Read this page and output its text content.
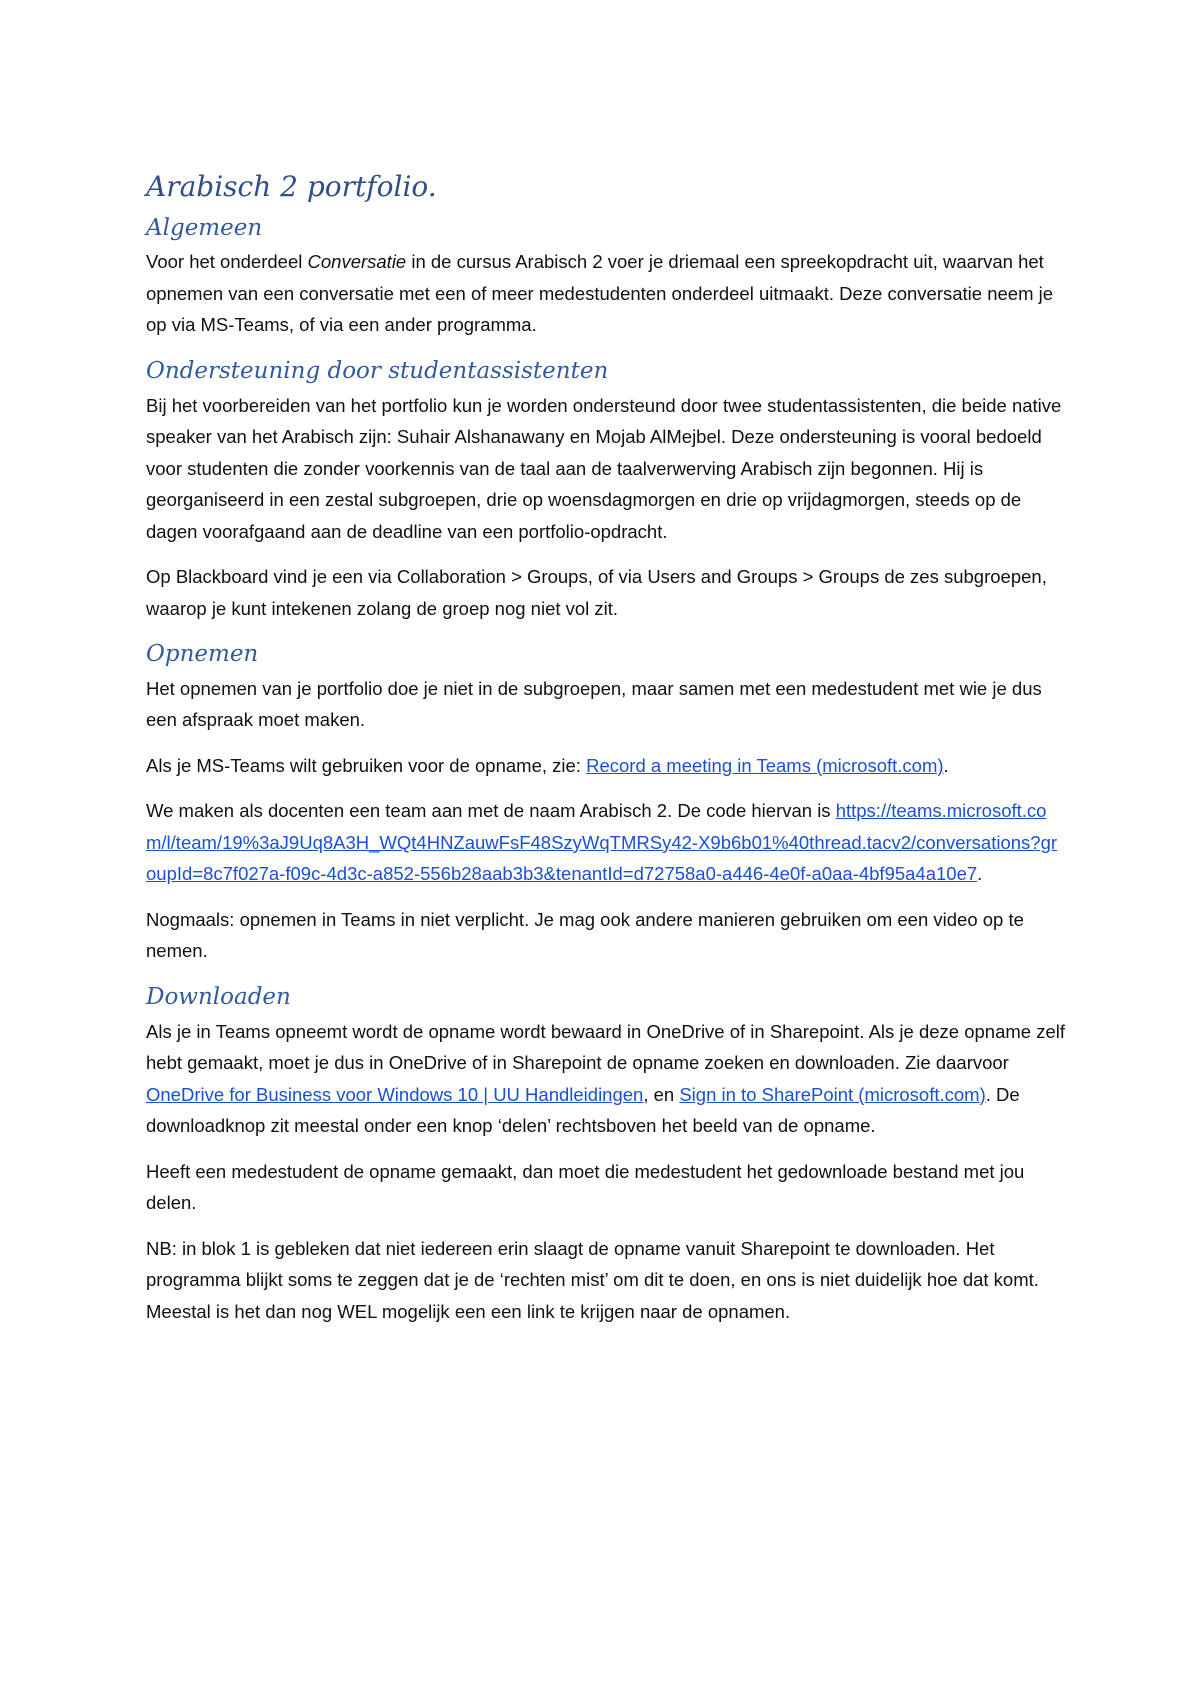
Arabisch 2 portfolio.
Algemeen

Voor het onderdeel Conversatie in de cursus Arabisch 2 voer je driemaal een spreekopdracht uit, waarvan het opnemen van een conversatie met een of meer medestudenten onderdeel uitmaakt. Deze conversatie neem je op via MS-Teams, of via een ander programma.

Ondersteuning door studentassistenten

Bij het voorbereiden van het portfolio kun je worden ondersteund door twee studentassistenten, die beide native speaker van het Arabisch zijn: Suhair Alshanawany en Mojab AlMejbel. Deze ondersteuning is vooral bedoeld voor studenten die zonder voorkennis van de taal aan de taalverwerving Arabisch zijn begonnen. Hij is georganiseerd in een zestal subgroepen, drie op woensdagmorgen en drie op vrijdagmorgen, steeds op de dagen voorafgaand aan de deadline van een portfolio-opdracht.

Op Blackboard vind je een via Collaboration > Groups, of via Users and Groups > Groups de zes subgroepen, waarop je kunt intekenen zolang de groep nog niet vol zit.

Opnemen

Het opnemen van je portfolio doe je niet in de subgroepen, maar samen met een medestudent met wie je dus een afspraak moet maken.

Als je MS-Teams wilt gebruiken voor de opname, zie: Record a meeting in Teams (microsoft.com).

We maken als docenten een team aan met de naam Arabisch 2. De code hiervan is https://teams.microsoft.com/l/team/19%3aJ9Uq8A3H_WQt4HNZauwFsF48SzyWqTMRSy42-X9b6b01%40thread.tacv2/conversations?groupId=8c7f027a-f09c-4d3c-a852-556b28aab3b3&tenantId=d72758a0-a446-4e0f-a0aa-4bf95a4a10e7.

Nogmaals: opnemen in Teams in niet verplicht. Je mag ook andere manieren gebruiken om een video op te nemen.

Downloaden

Als je in Teams opneemt wordt de opname wordt bewaard in OneDrive of in Sharepoint. Als je deze opname zelf hebt gemaakt, moet je dus in OneDrive of in Sharepoint de opname zoeken en downloaden. Zie daarvoor OneDrive for Business voor Windows 10 | UU Handleidingen, en Sign in to SharePoint (microsoft.com). De downloadknop zit meestal onder een knop ‘delen’ rechtsboven het beeld van de opname.

Heeft een medestudent de opname gemaakt, dan moet die medestudent het gedownloade bestand met jou delen.

NB: in blok 1 is gebleken dat niet iedereen erin slaagt de opname vanuit Sharepoint te downloaden. Het programma blijkt soms te zeggen dat je de ‘rechten mist’ om dit te doen, en ons is niet duidelijk hoe dat komt. Meestal is het dan nog WEL mogelijk een een link te krijgen naar de opnamen.
